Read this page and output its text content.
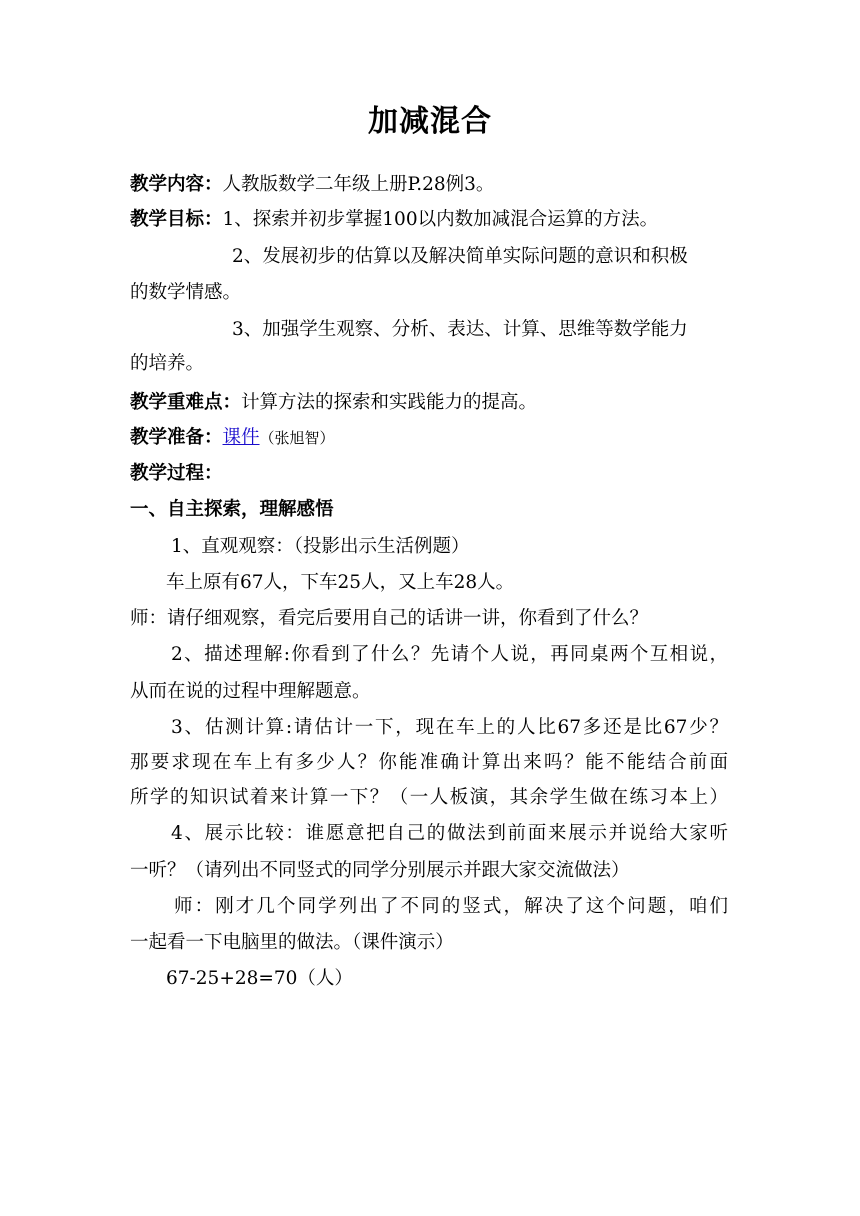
加减混合
教学内容：人教版数学二年级上册P.28例3。
教学目标：1、探索并初步掌握100以内数加减混合运算的方法。
2、发展初步的估算以及解决简单实际问题的意识和积极
的数学情感。
3、加强学生观察、分析、表达、计算、思维等数学能力
的培养。
教学重难点：计算方法的探索和实践能力的提高。
教学准备：课件（张旭智）
教学过程：
一、自主探索，理解感悟
1、直观观察：（投影出示生活例题）
车上原有67人，下车25人，又上车28人。
师：请仔细观察，看完后要用自己的话讲一讲，你看到了什么？
2、描述理解:你看到了什么？先请个人说，再同桌两个互相说，
从而在说的过程中理解题意。
3、估测计算:请估计一下，现在车上的人比67多还是比67少？
那要求现在车上有多少人？你能准确计算出来吗？能不能结合前面
所学的知识试着来计算一下？（一人板演，其余学生做在练习本上）
4、展示比较：谁愿意把自己的做法到前面来展示并说给大家听
一听？（请列出不同竖式的同学分别展示并跟大家交流做法）
师：刚才几个同学列出了不同的竖式，解决了这个问题，咱们
一起看一下电脑里的做法。（课件演示）
67-25+28=70（人）
